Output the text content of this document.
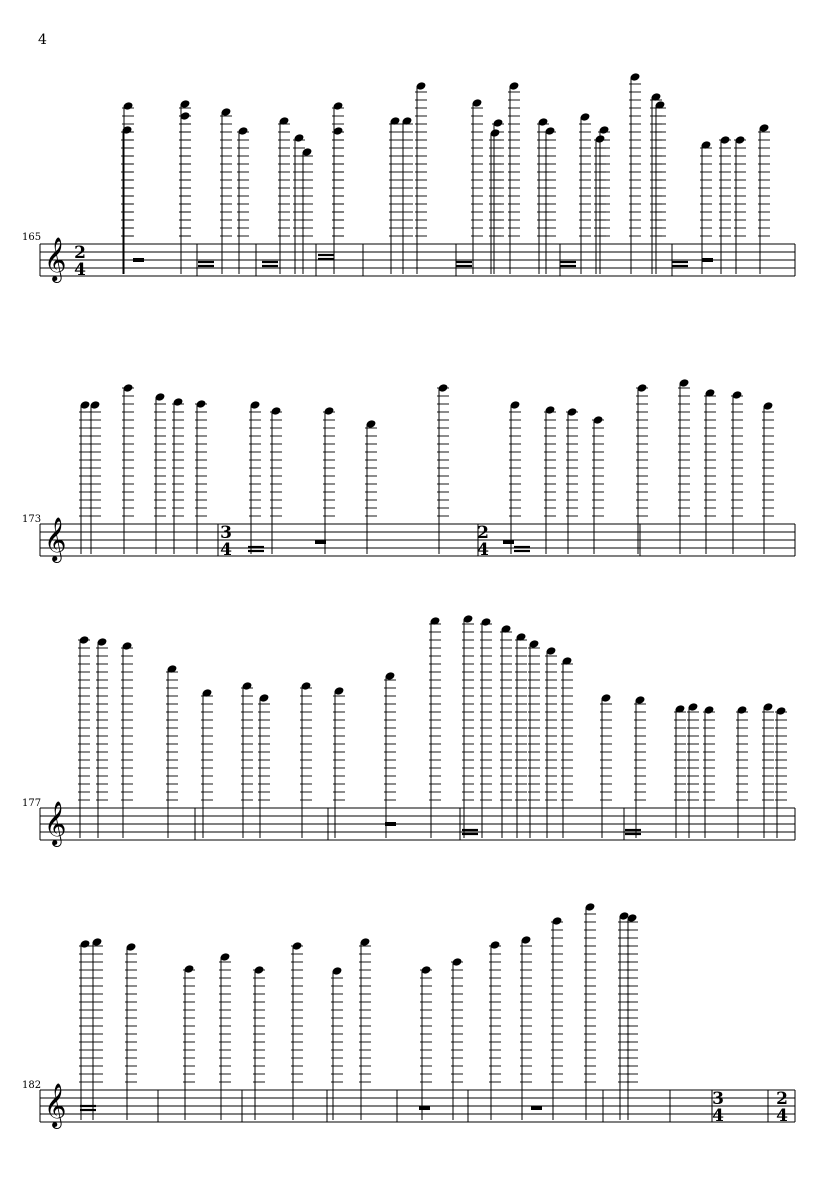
4
165
173
177
182
𝄞 2
4
𝄞	3
4
2
4
𝄞
𝄞	3
4
2
4
